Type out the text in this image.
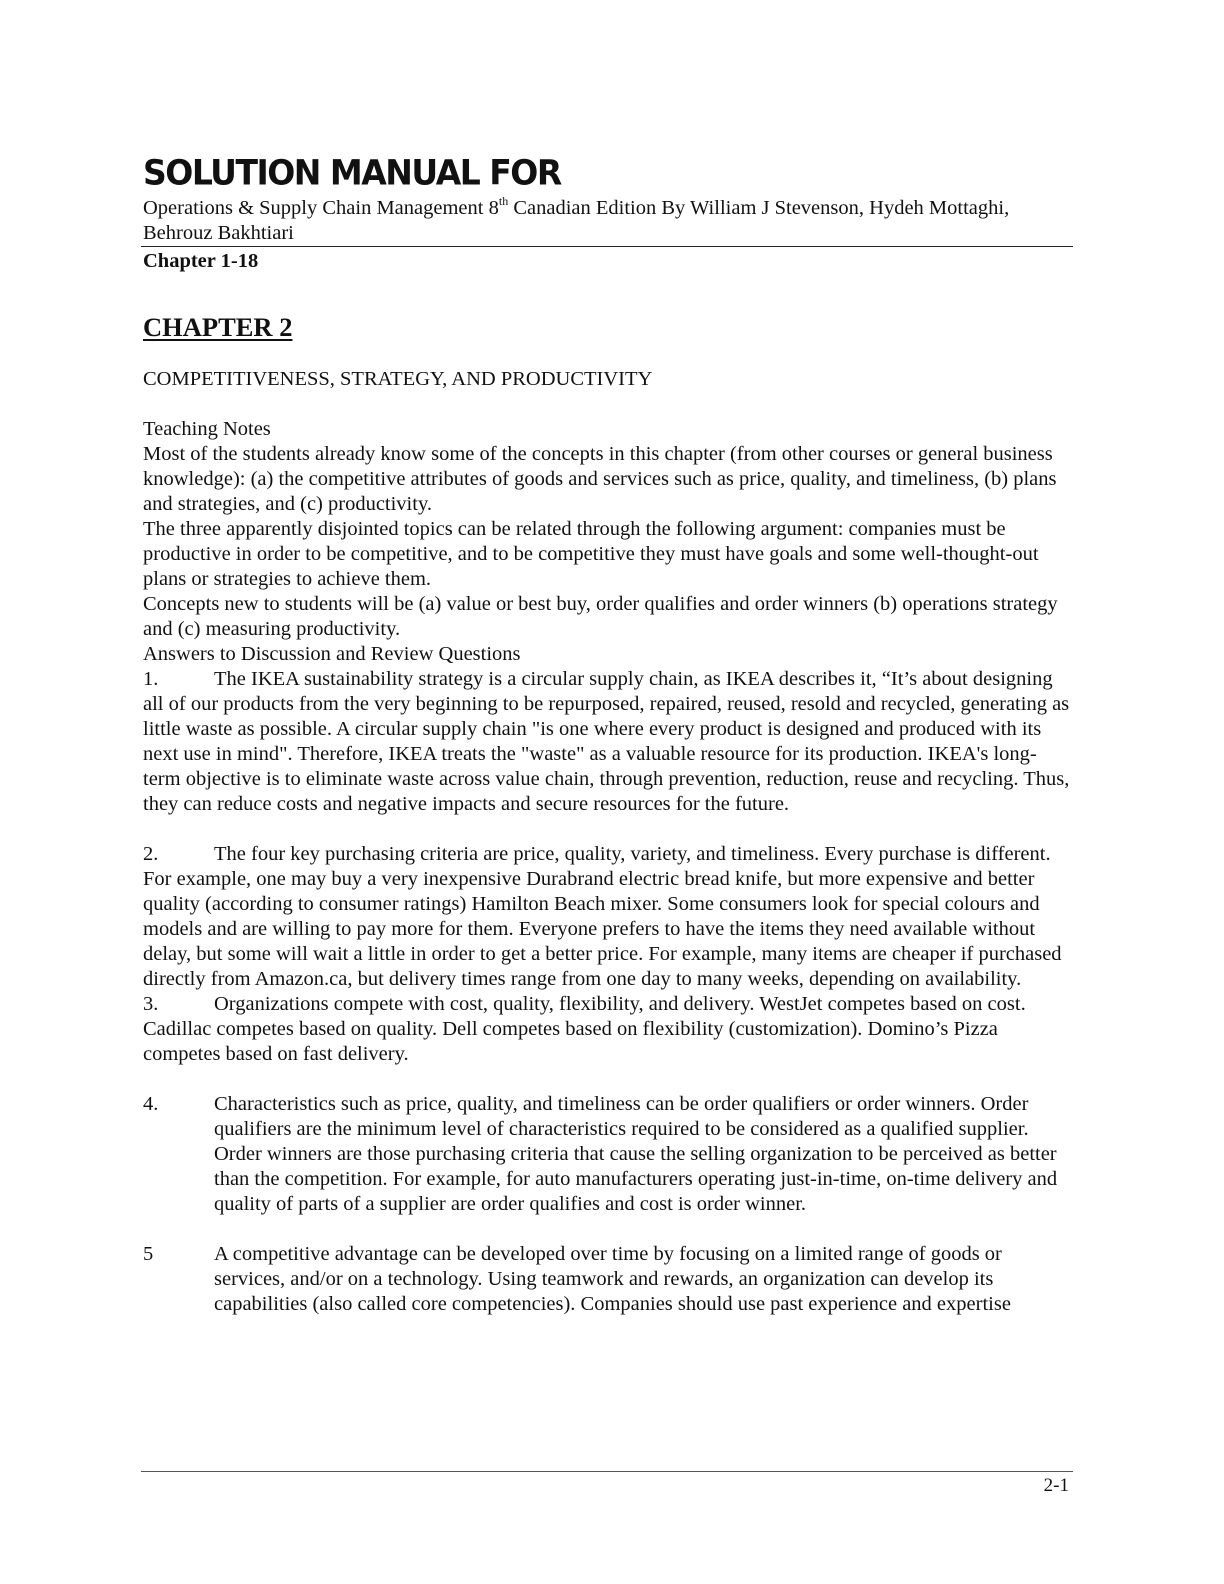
SOLUTION MANUAL FOR
Operations & Supply Chain Management 8th Canadian Edition By William J Stevenson, Hydeh Mottaghi, Behrouz Bakhtiari
Chapter 1-18
CHAPTER 2
COMPETITIVENESS, STRATEGY, AND PRODUCTIVITY

Teaching Notes

Most of the students already know some of the concepts in this chapter (from other courses or general business knowledge): (a) the competitive attributes of goods and services such as price, quality, and timeliness, (b) plans and strategies, and (c) productivity.

The three apparently disjointed topics can be related through the following argument: companies must be productive in order to be competitive, and to be competitive they must have goals and some well-thought-out plans or strategies to achieve them.

Concepts new to students will be (a) value or best buy, order qualifies and order winners (b) operations strategy and (c) measuring productivity.

Answers to Discussion and Review Questions

1.	The IKEA sustainability strategy is a circular supply chain, as IKEA describes it, “It’s about designing all of our products from the very beginning to be repurposed, repaired, reused, resold and recycled, generating as little waste as possible. A circular supply chain "is one where every product is designed and produced with its next use in mind". Therefore, IKEA treats the "waste" as a valuable resource for its production. IKEA's long-term objective is to eliminate waste across value chain, through prevention, reduction, reuse and recycling. Thus, they can reduce costs and negative impacts and secure resources for the future.

2.	The four key purchasing criteria are price, quality, variety, and timeliness. Every purchase is different. For example, one may buy a very inexpensive Durabrand electric bread knife, but more expensive and better quality (according to consumer ratings) Hamilton Beach mixer. Some consumers look for special colours and models and are willing to pay more for them. Everyone prefers to have the items they need available without delay, but some will wait a little in order to get a better price. For example, many items are cheaper if purchased directly from Amazon.ca, but delivery times range from one day to many weeks, depending on availability.

3.	Organizations compete with cost, quality, flexibility, and delivery. WestJet competes based on cost. Cadillac competes based on quality. Dell competes based on flexibility (customization). Domino’s Pizza competes based on fast delivery.

4.	Characteristics such as price, quality, and timeliness can be order qualifiers or order winners. Order qualifiers are the minimum level of characteristics required to be considered as a qualified supplier. Order winners are those purchasing criteria that cause the selling organization to be perceived as better than the competition. For example, for auto manufacturers operating just-in-time, on-time delivery and quality of parts of a supplier are order qualifies and cost is order winner.
5	A competitive advantage can be developed over time by focusing on a limited range of goods or services, and/or on a technology. Using teamwork and rewards, an organization can develop its capabilities (also called core competencies). Companies should use past experience and expertise
2-1
